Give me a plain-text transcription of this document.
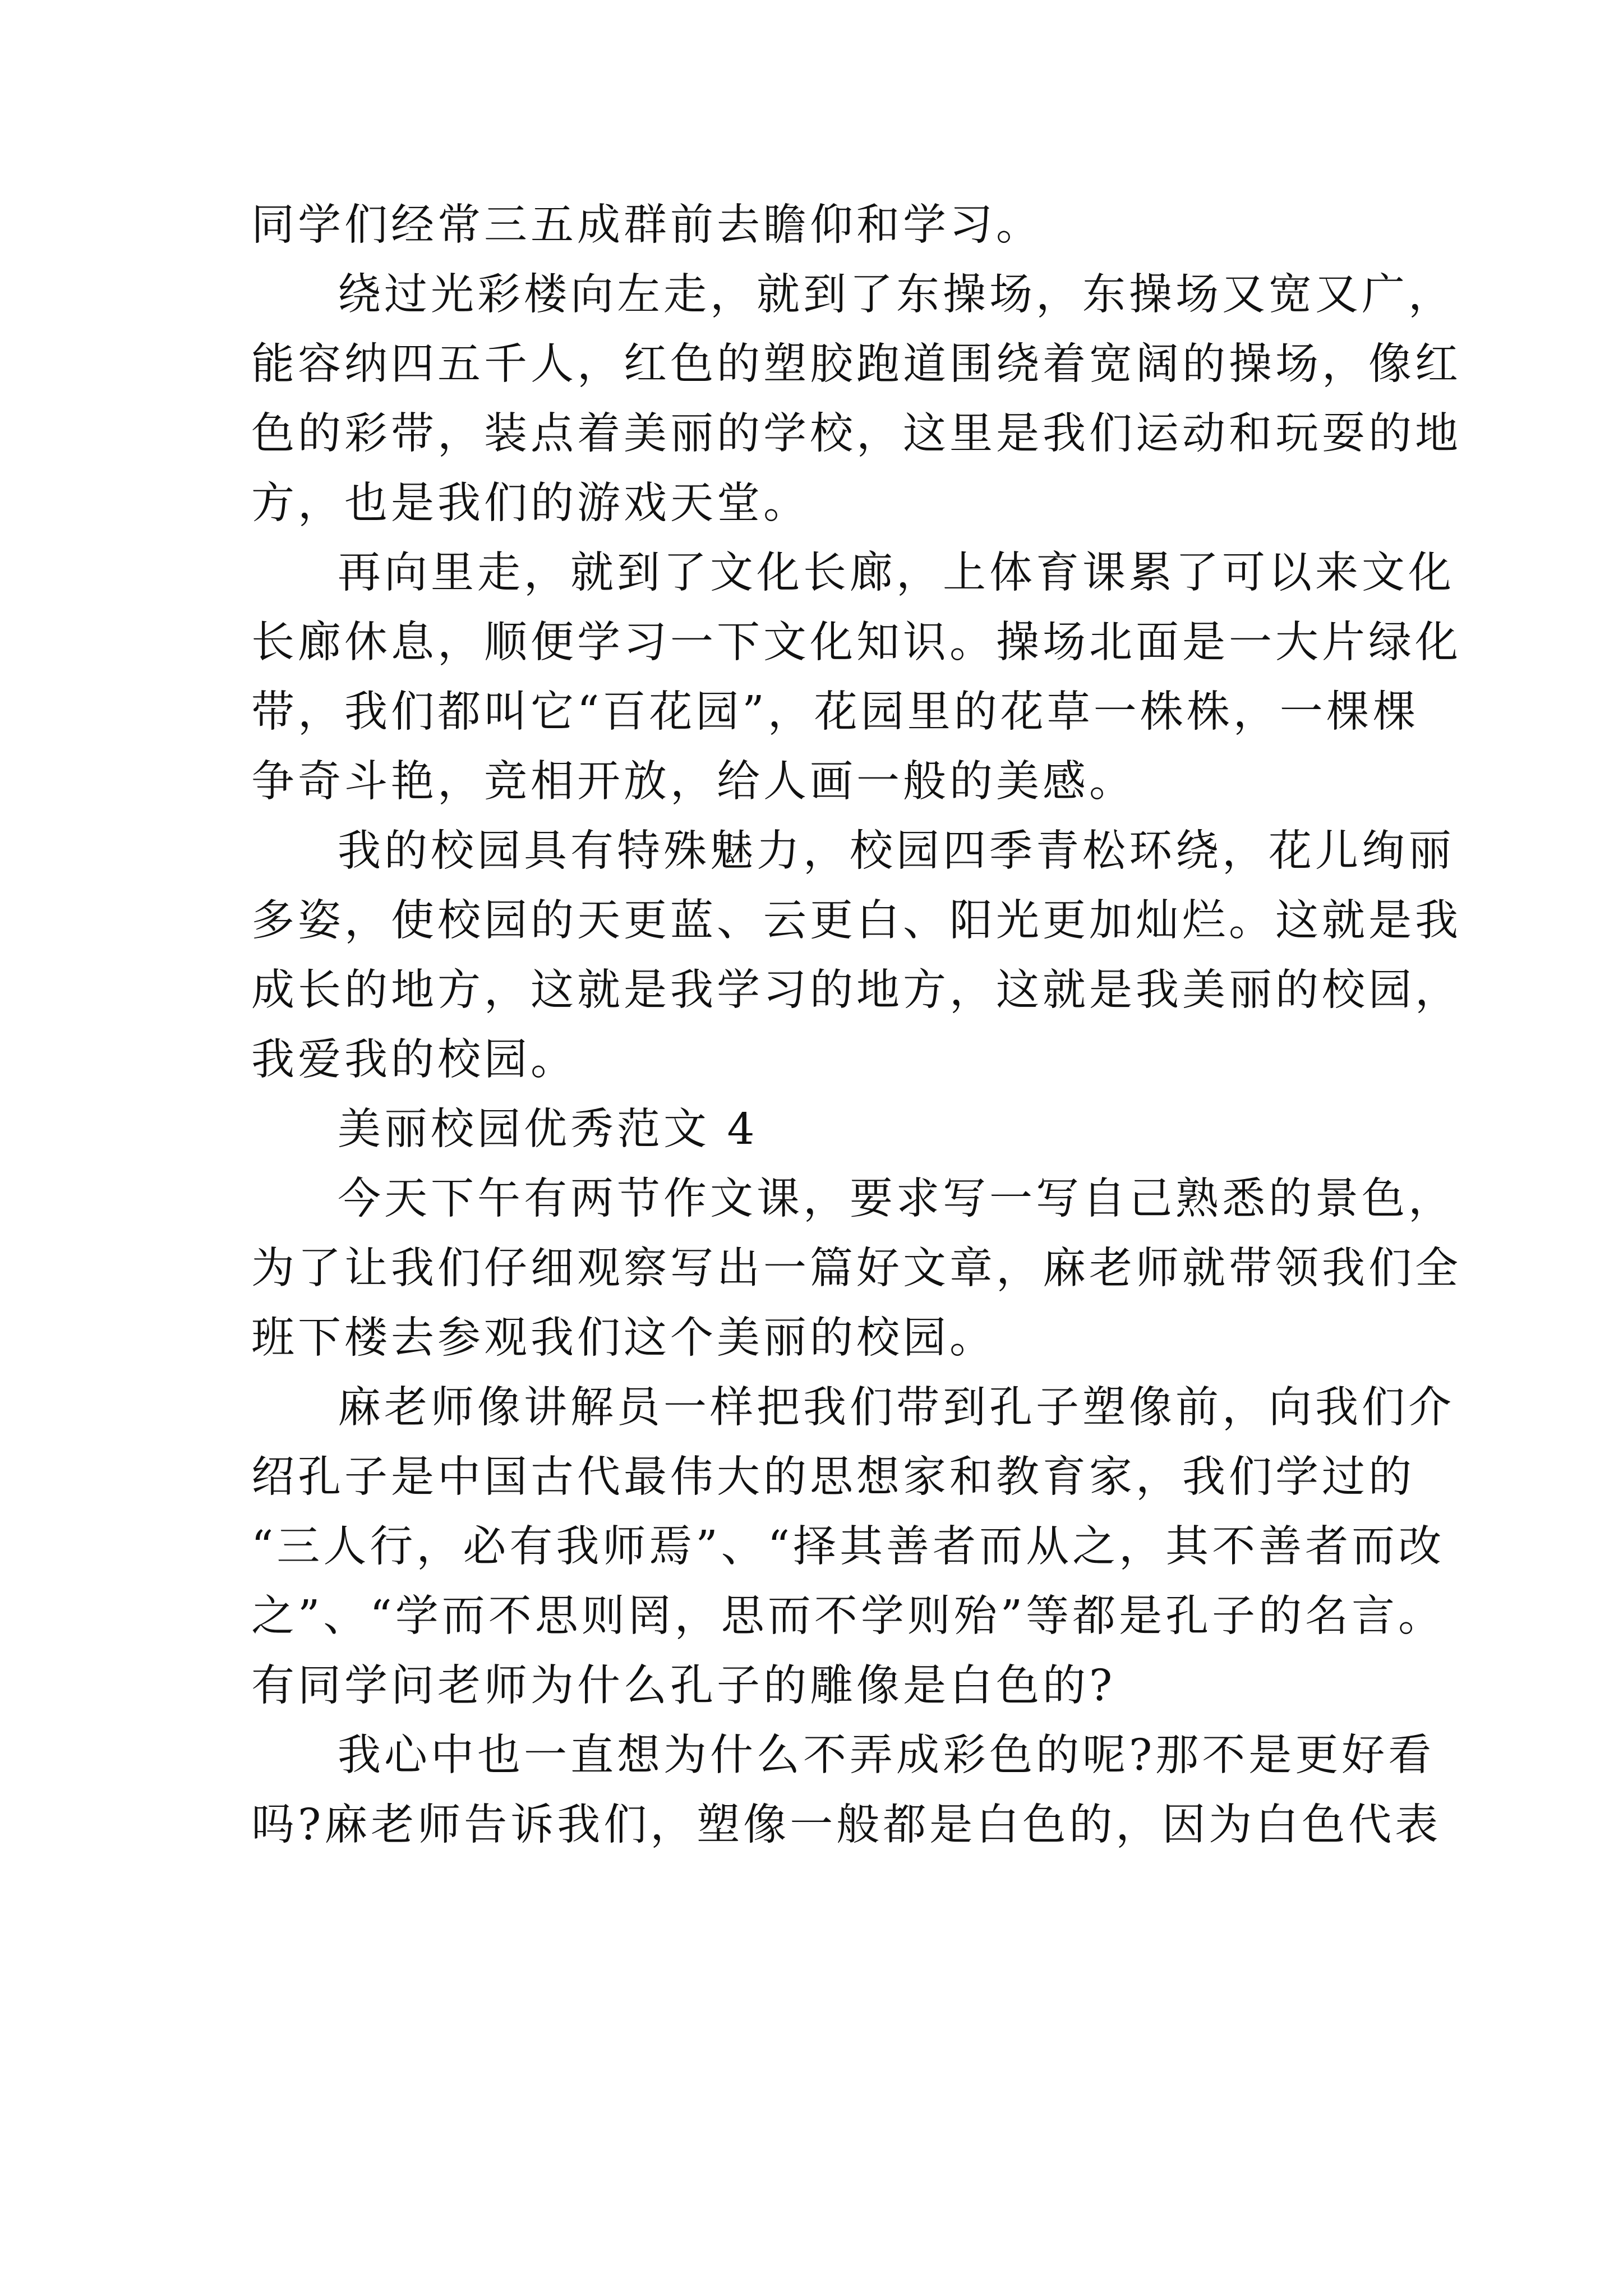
同学们经常三五成群前去瞻仰和学习。
绕过光彩楼向左走，就到了东操场，东操场又宽又广，
能容纳四五千人，红色的塑胶跑道围绕着宽阔的操场，像红
色的彩带，装点着美丽的学校，这里是我们运动和玩耍的地
方，也是我们的游戏天堂。
再向里走，就到了文化长廊，上体育课累了可以来文化
长廊休息，顺便学习一下文化知识。操场北面是一大片绿化
带，我们都叫它“百花园”，花园里的花草一株株，一棵棵
争奇斗艳，竞相开放，给人画一般的美感。
我的校园具有特殊魅力，校园四季青松环绕，花儿绚丽
多姿，使校园的天更蓝、云更白、阳光更加灿烂。这就是我
成长的地方，这就是我学习的地方，这就是我美丽的校园，
我爱我的校园。
美丽校园优秀范文 4
今天下午有两节作文课，要求写一写自己熟悉的景色，
为了让我们仔细观察写出一篇好文章，麻老师就带领我们全
班下楼去参观我们这个美丽的校园。
麻老师像讲解员一样把我们带到孔子塑像前，向我们介
绍孔子是中国古代最伟大的思想家和教育家，我们学过的
“三人行，必有我师焉”、“择其善者而从之，其不善者而改
之”、“学而不思则罔，思而不学则殆”等都是孔子的名言。
有同学问老师为什么孔子的雕像是白色的?
我心中也一直想为什么不弄成彩色的呢?那不是更好看
吗?麻老师告诉我们，塑像一般都是白色的，因为白色代表
